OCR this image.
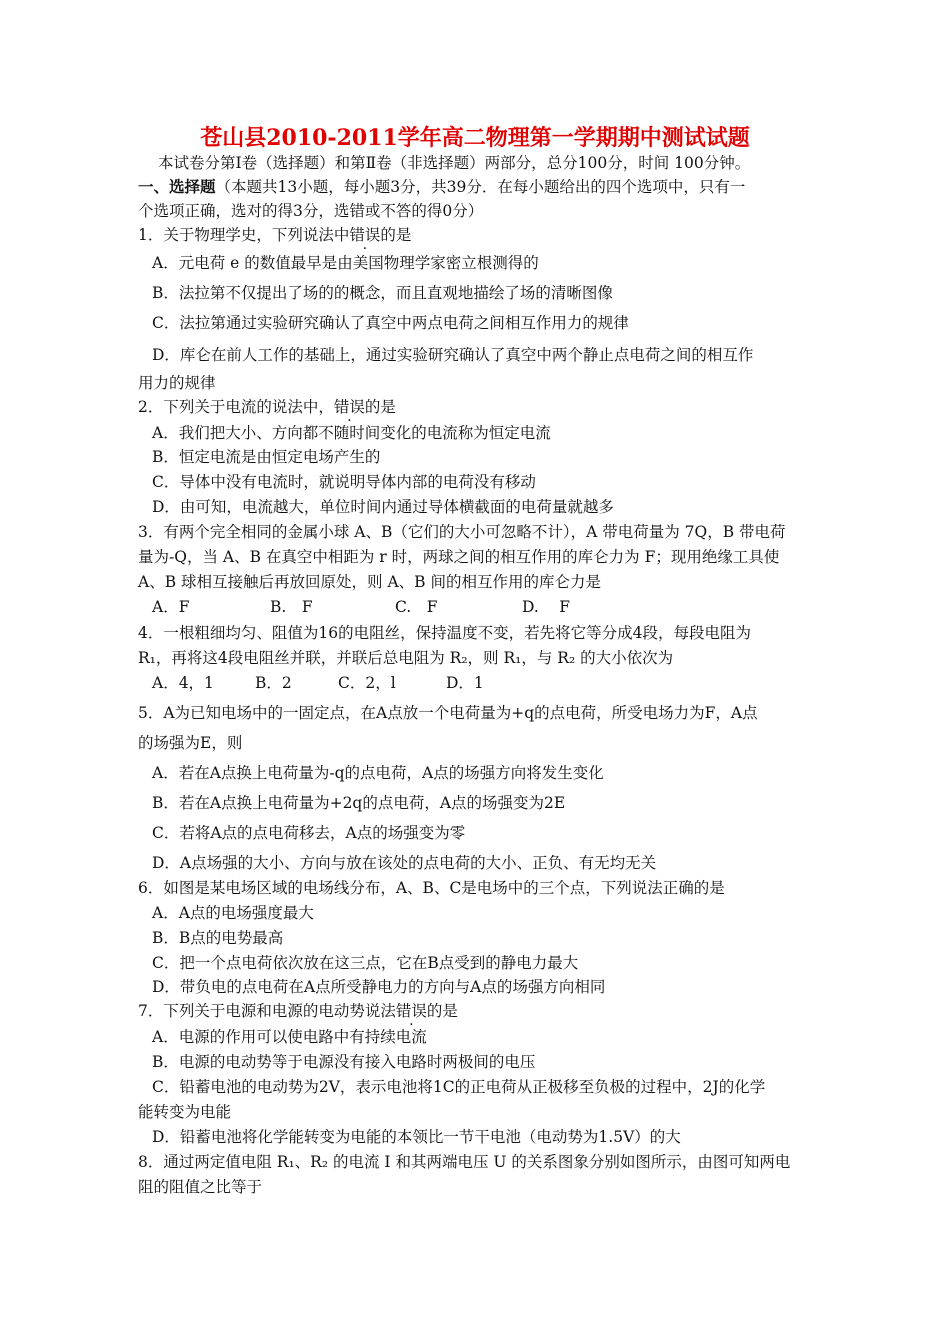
苍山县2010-2011学年高二物理第一学期期中测试试题
本试卷分第Ⅰ卷（选择题）和第Ⅱ卷（非选择题）两部分，总分100分，时间 100分钟。
一、选择题（本题共13小题，每小题3分，共39分．在每小题给出的四个选项中，只有一
个选项正确，选对的得3分，选错或不答的得0分）
1．关于物理学史，下列说法中错误的是
A．元电荷 e 的数值最早是由美国物理学家密立根测得的
B．法拉第不仅提出了场的的概念，而且直观地描绘了场的清晰图像
C．法拉第通过实验研究确认了真空中两点电荷之间相互作用力的规律
D．库仑在前人工作的基础上，通过实验研究确认了真空中两个静止点电荷之间的相互作
用力的规律
2．下列关于电流的说法中，错误的是
A．我们把大小、方向都不随时间变化的电流称为恒定电流
B．恒定电流是由恒定电场产生的
C．导体中没有电流时，就说明导体内部的电荷没有移动
D．由可知，电流越大，单位时间内通过导体横截面的电荷量就越多
3．有两个完全相同的金属小球 A、B（它们的大小可忽略不计），A 带电荷量为 7Q，B 带电荷
量为-Q，当 A、B 在真空中相距为 r 时，两球之间的相互作用的库仑力为 F；现用绝缘工具使
A、B 球相互接触后再放回原处，则 A、B 间的相互作用的库仑力是
A．F	B.　F	C.　F	D.　 F
4．一根粗细均匀、阻值为16的电阻丝，保持温度不变，若先将它等分成4段，每段电阻为
R₁，再将这4段电阻丝并联，并联后总电阻为 R₂，则 R₁，与 R₂ 的大小依次为
A．4，1	B．2	C．2，l	D．1
5．A为已知电场中的一固定点，在A点放一个电荷量为+q的点电荷，所受电场力为F，A点
的场强为E，则
A．若在A点换上电荷量为-q的点电荷，A点的场强方向将发生变化
B．若在A点换上电荷量为+2q的点电荷，A点的场强变为2E
C．若将A点的点电荷移去，A点的场强变为零
D．A点场强的大小、方向与放在该处的点电荷的大小、正负、有无均无关
6．如图是某电场区域的电场线分布，A、B、C是电场中的三个点，下列说法正确的是
A．A点的电场强度最大
B．B点的电势最高
C．把一个点电荷依次放在这三点，它在B点受到的静电力最大
D．带负电的点电荷在A点所受静电力的方向与A点的场强方向相同
7．下列关于电源和电源的电动势说法错误的是
A．电源的作用可以使电路中有持续电流
B．电源的电动势等于电源没有接入电路时两极间的电压
C．铅蓄电池的电动势为2V，表示电池将1C的正电荷从正极移至负极的过程中，2J的化学
能转变为电能
D．铅蓄电池将化学能转变为电能的本领比一节干电池（电动势为1.5V）的大
8．通过两定值电阻 R₁、R₂ 的电流 I 和其两端电压 U 的关系图象分别如图所示，由图可知两电
阻的阻值之比等于
